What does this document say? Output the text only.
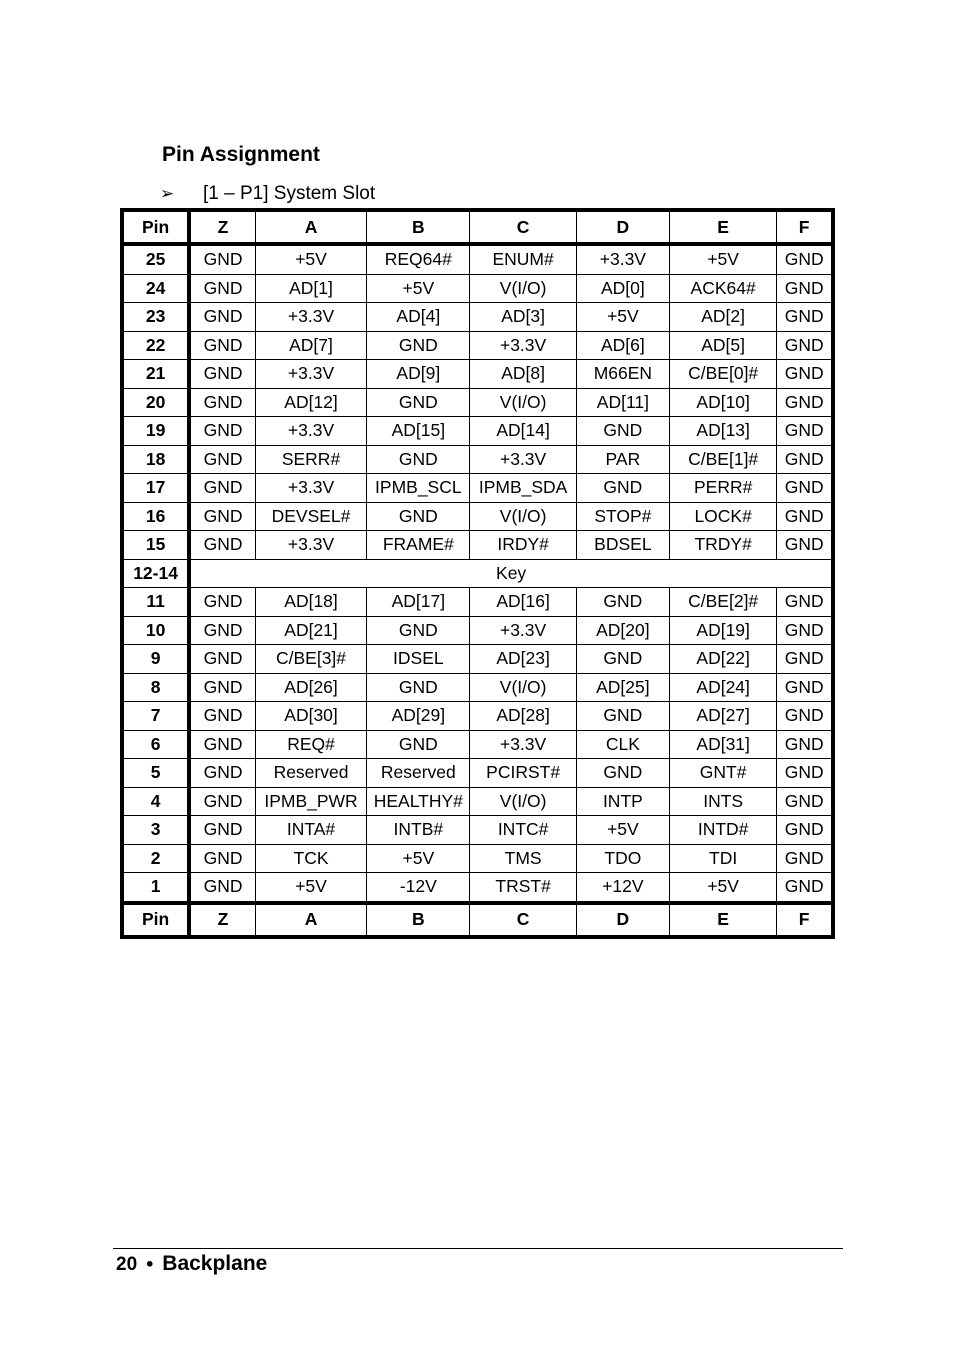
Pin Assignment
➢ [1 – P1] System Slot
Pin	Z	A	B	C	D	E	F
25	GND	+5V	REQ64#	ENUM#	+3.3V	+5V	GND
24	GND	AD[1]	+5V	V(I/O)	AD[0]	ACK64#	GND
23	GND	+3.3V	AD[4]	AD[3]	+5V	AD[2]	GND
22	GND	AD[7]	GND	+3.3V	AD[6]	AD[5]	GND
21	GND	+3.3V	AD[9]	AD[8]	M66EN	C/BE[0]#	GND
20	GND	AD[12]	GND	V(I/O)	AD[11]	AD[10]	GND
19	GND	+3.3V	AD[15]	AD[14]	GND	AD[13]	GND
18	GND	SERR#	GND	+3.3V	PAR	C/BE[1]#	GND
17	GND	+3.3V	IPMB_SCL	IPMB_SDA	GND	PERR#	GND
16	GND	DEVSEL#	GND	V(I/O)	STOP#	LOCK#	GND
15	GND	+3.3V	FRAME#	IRDY#	BDSEL	TRDY#	GND
12-14	Key						
11	GND	AD[18]	AD[17]	AD[16]	GND	C/BE[2]#	GND
10	GND	AD[21]	GND	+3.3V	AD[20]	AD[19]	GND
9	GND	C/BE[3]#	IDSEL	AD[23]	GND	AD[22]	GND
8	GND	AD[26]	GND	V(I/O)	AD[25]	AD[24]	GND
7	GND	AD[30]	AD[29]	AD[28]	GND	AD[27]	GND
6	GND	REQ#	GND	+3.3V	CLK	AD[31]	GND
5	GND	Reserved	Reserved	PCIRST#	GND	GNT#	GND
4	GND	IPMB_PWR	HEALTHY#	V(I/O)	INTP	INTS	GND
3	GND	INTA#	INTB#	INTC#	+5V	INTD#	GND
2	GND	TCK	+5V	TMS	TDO	TDI	GND
1	GND	+5V	-12V	TRST#	+12V	+5V	GND
Pin	Z	A	B	C	D	E	F
20 • Backplane
